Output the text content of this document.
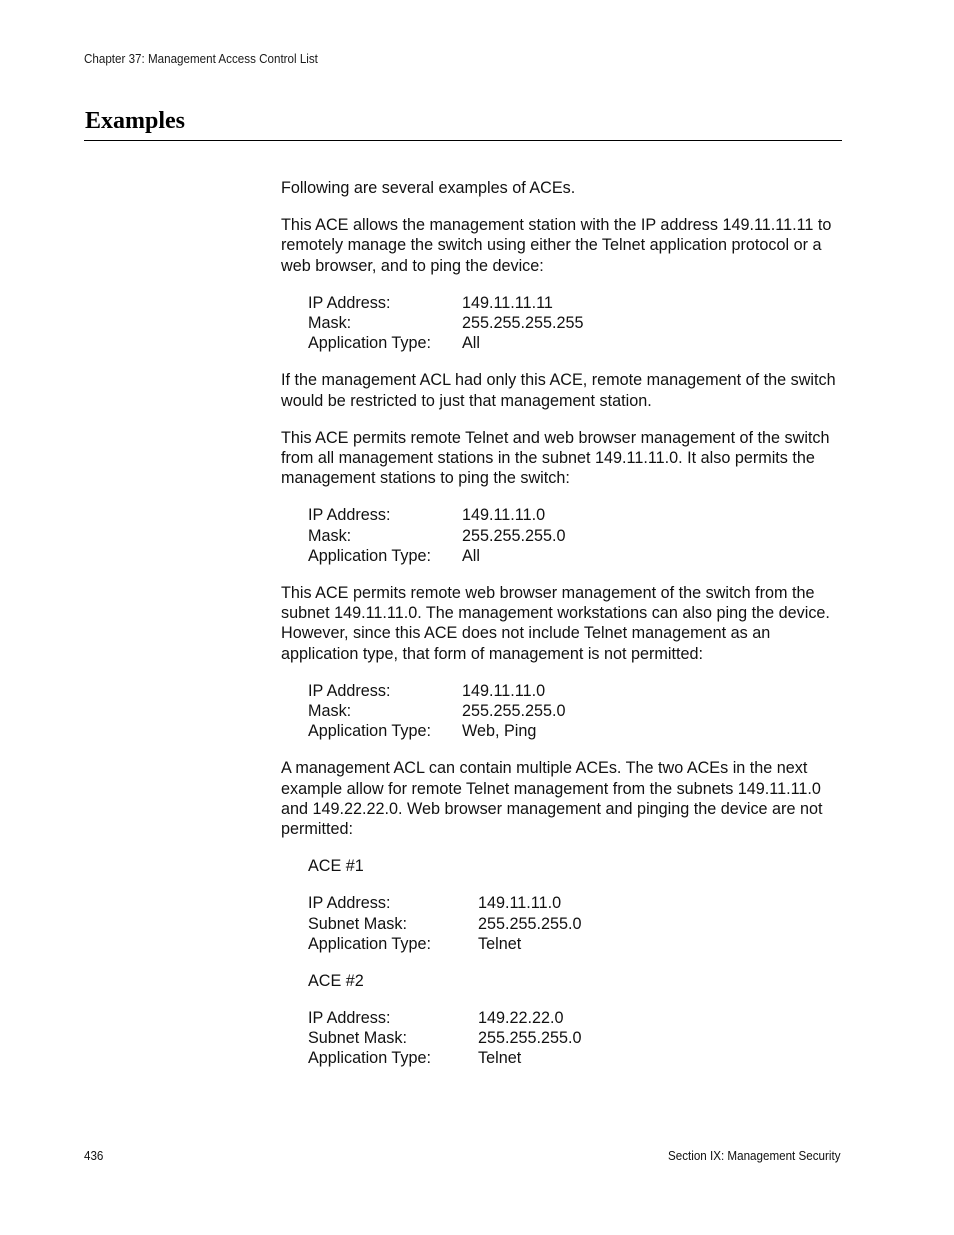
Chapter 37: Management Access Control List
Examples

Following are several examples of ACEs.

This ACE allows the management station with the IP address 149.11.11.11 to remotely manage the switch using either the Telnet application protocol or a web browser, and to ping the device:

IP Address:	149.11.11.11
Mask:	255.255.255.255
Application Type:	All

If the management ACL had only this ACE, remote management of the switch would be restricted to just that management station.

This ACE permits remote Telnet and web browser management of the switch from all management stations in the subnet 149.11.11.0. It also permits the management stations to ping the switch:

IP Address:	149.11.11.0
Mask:	255.255.255.0
Application Type:	All

This ACE permits remote web browser management of the switch from the subnet 149.11.11.0. The management workstations can also ping the device. However, since this ACE does not include Telnet management as an application type, that form of management is not permitted:

IP Address:	149.11.11.0
Mask:	255.255.255.0
Application Type:	Web, Ping

A management ACL can contain multiple ACEs. The two ACEs in the next example allow for remote Telnet management from the subnets 149.11.11.0 and 149.22.22.0. Web browser management and pinging the device are not permitted:

ACE #1
IP Address:	149.11.11.0
Subnet Mask:	255.255.255.0
Application Type:	Telnet
ACE #2
IP Address:	149.22.22.0
Subnet Mask:	255.255.255.0
Application Type:	Telnet
436	Section IX: Management Security
